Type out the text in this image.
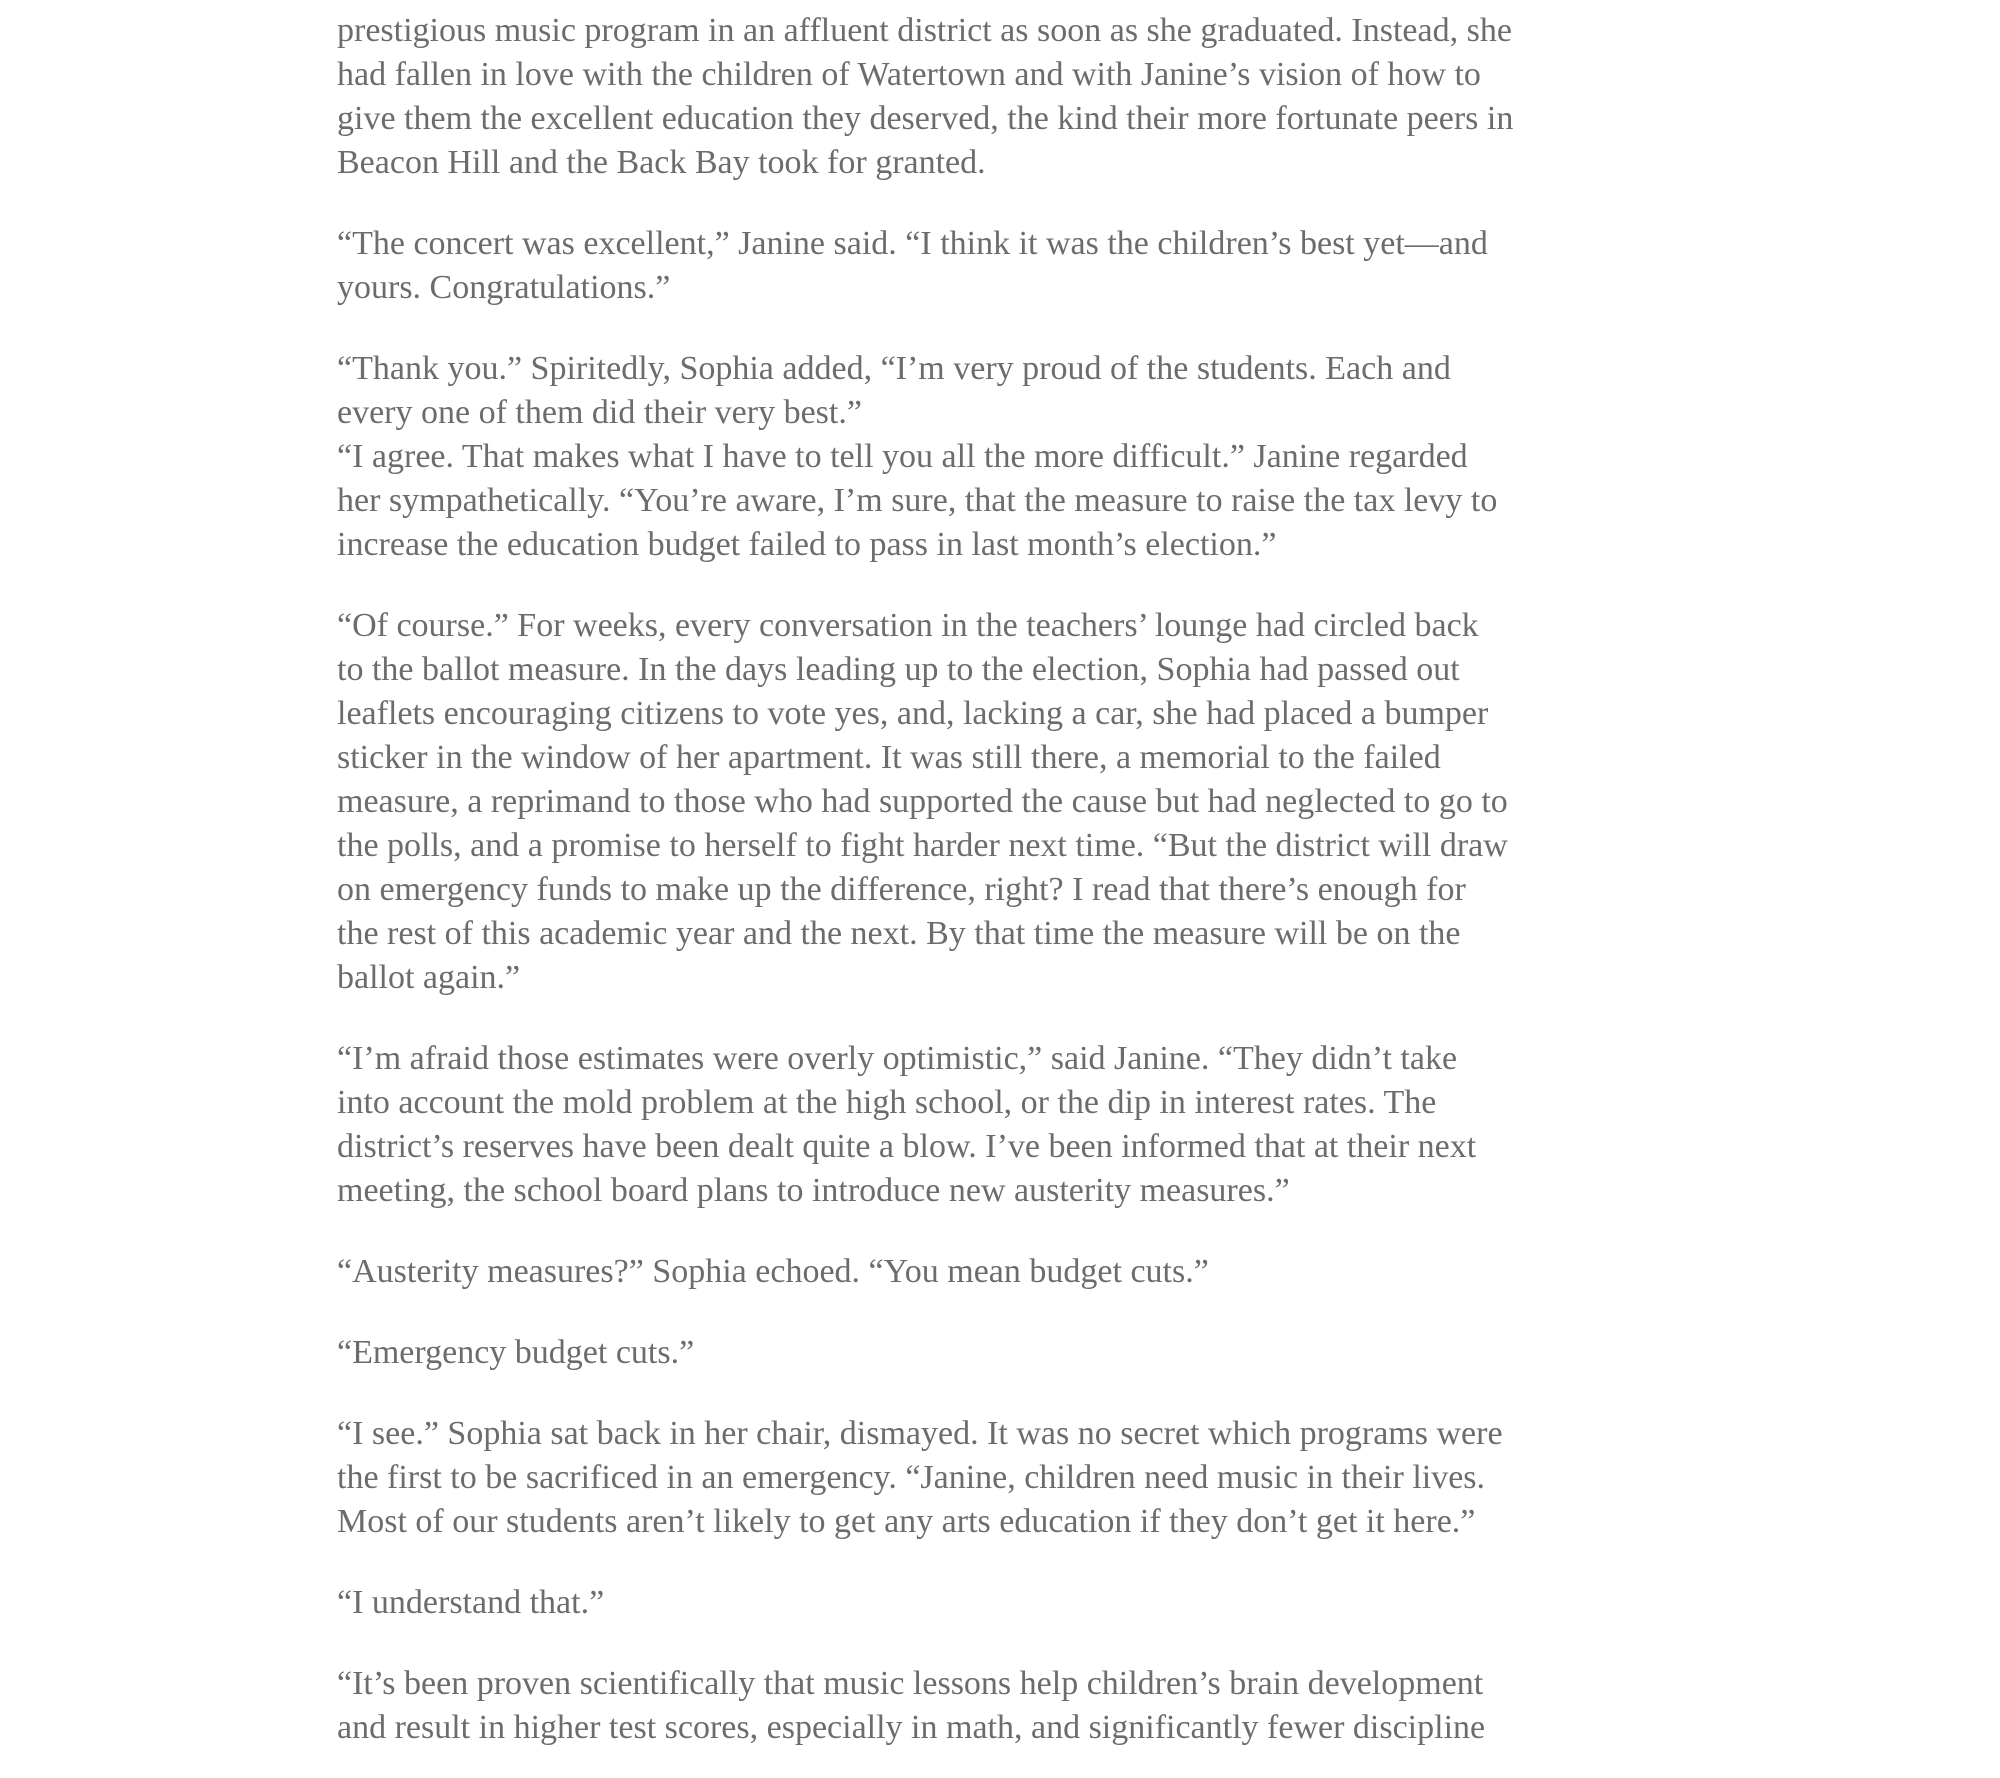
prestigious music program in an affluent district as soon as she graduated. Instead, she
had fallen in love with the children of Watertown and with Janine’s vision of how to
give them the excellent education they deserved, the kind their more fortunate peers in
Beacon Hill and the Back Bay took for granted.

“The concert was excellent,” Janine said. “I think it was the children’s best yet—and
yours. Congratulations.”

“Thank you.” Spiritedly, Sophia added, “I’m very proud of the students. Each and
every one of them did their very best.”
“I agree. That makes what I have to tell you all the more difficult.” Janine regarded
her sympathetically. “You’re aware, I’m sure, that the measure to raise the tax levy to
increase the education budget failed to pass in last month’s election.”

“Of course.” For weeks, every conversation in the teachers’ lounge had circled back
to the ballot measure. In the days leading up to the election, Sophia had passed out
leaflets encouraging citizens to vote yes, and, lacking a car, she had placed a bumper
sticker in the window of her apartment. It was still there, a memorial to the failed
measure, a reprimand to those who had supported the cause but had neglected to go to
the polls, and a promise to herself to fight harder next time. “But the district will draw
on emergency funds to make up the difference, right? I read that there’s enough for
the rest of this academic year and the next. By that time the measure will be on the
ballot again.”

“I’m afraid those estimates were overly optimistic,” said Janine. “They didn’t take
into account the mold problem at the high school, or the dip in interest rates. The
district’s reserves have been dealt quite a blow. I’ve been informed that at their next
meeting, the school board plans to introduce new austerity measures.”

“Austerity measures?” Sophia echoed. “You mean budget cuts.”

“Emergency budget cuts.”

“I see.” Sophia sat back in her chair, dismayed. It was no secret which programs were
the first to be sacrificed in an emergency. “Janine, children need music in their lives.
Most of our students aren’t likely to get any arts education if they don’t get it here.”

“I understand that.”

“It’s been proven scientifically that music lessons help children’s brain development
and result in higher test scores, especially in math, and significantly fewer discipline
